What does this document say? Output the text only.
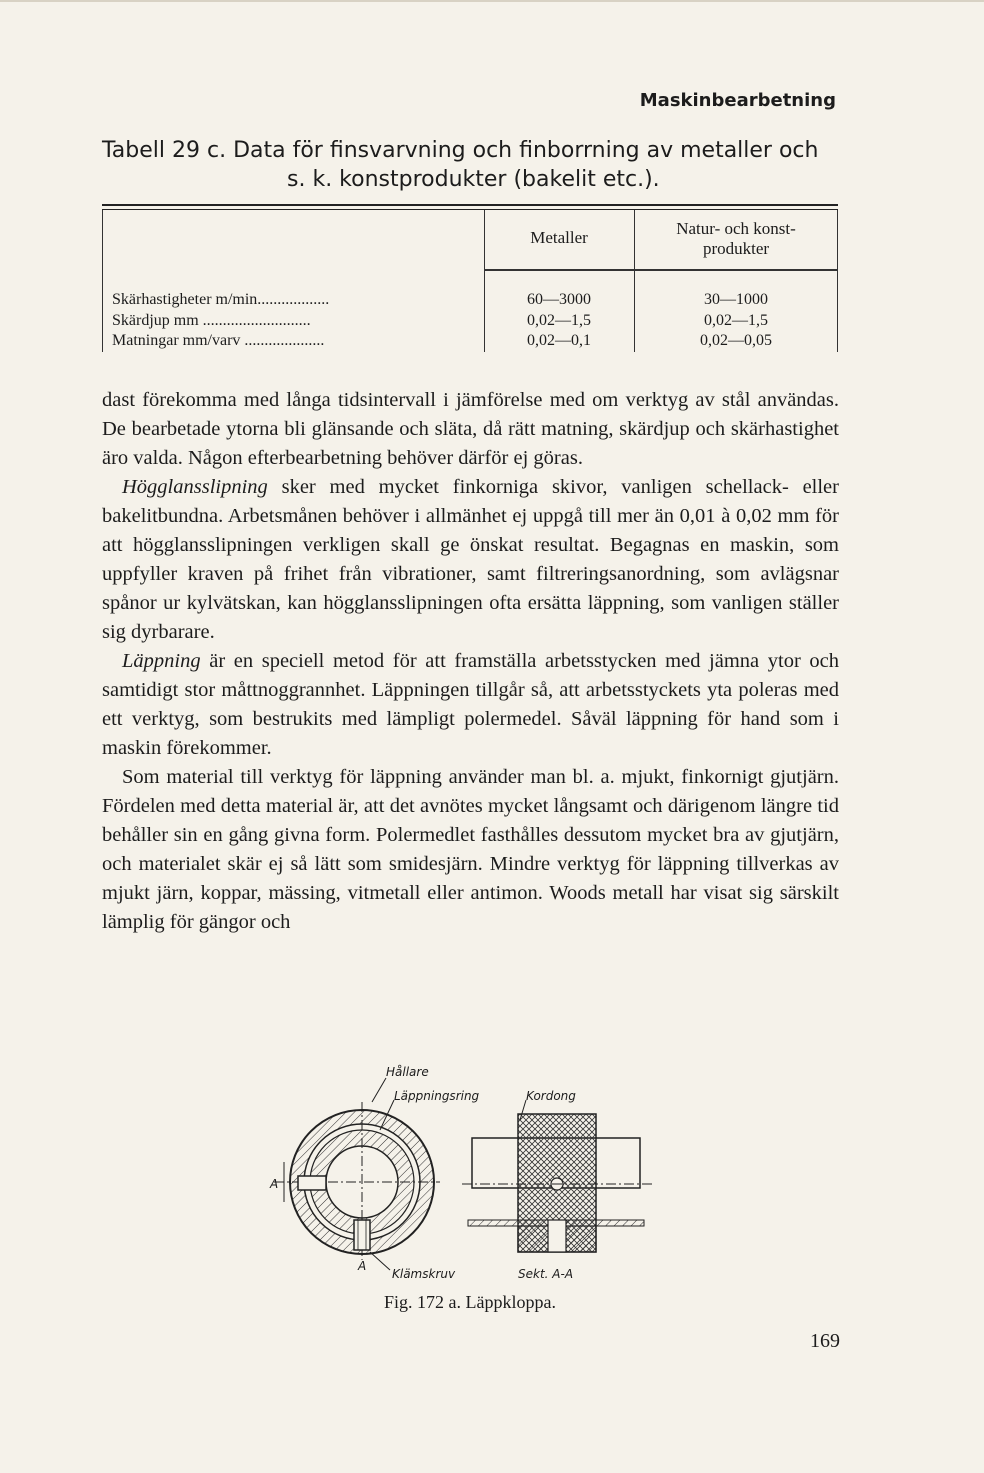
Maskinbearbetning
Tabell 29 c. Data för finsvarvning och finborrning av metaller och
s. k. konstprodukter (bakelit etc.).
Metaller	Natur- och konst-
produkter
Skärhastigheter m/min..................	60—3000	30—1000
Skärdjup mm ...........................	0,02—1,5	0,02—1,5
Matningar mm/varv ....................	0,02—0,1	0,02—0,05

dast förekomma med långa tidsintervall i jämförelse med om verktyg av stål användas. De bearbetade ytorna bli glänsande och släta, då rätt matning, skärdjup och skärhastighet äro valda. Någon efterbearbetning behöver därför ej göras.

Högglansslipning sker med mycket finkorniga skivor, vanligen schellack- eller bakelitbundna. Arbetsmånen behöver i allmänhet ej uppgå till mer än 0,01 à 0,02 mm för att högglansslipningen verkligen skall ge önskat resultat. Begagnas en maskin, som uppfyller kraven på frihet från vibrationer, samt filtreringsanordning, som avlägsnar spånor ur kylvätskan, kan högglansslipningen ofta ersätta läppning, som vanligen ställer sig dyrbarare.

Läppning är en speciell metod för att framställa arbetsstycken med jämna ytor och samtidigt stor måttnoggrannhet. Läppningen tillgår så, att arbetsstyckets yta poleras med ett verktyg, som bestrukits med lämpligt polermedel. Såväl läppning för hand som i maskin förekommer.

Som material till verktyg för läppning använder man bl. a. mjukt, finkornigt gjutjärn. Fördelen med detta material är, att det avnötes mycket långsamt och därigenom längre tid behåller sin en gång givna form. Polermedlet fasthålles dessutom mycket bra av gjutjärn, och materialet skär ej så lätt som smidesjärn. Mindre verktyg för läppning tillverkas av mjukt järn, koppar, mässing, vitmetall eller antimon. Woods metall har visat sig särskilt lämplig för gängor och

Hållare
Läppningsring	Kordong
A
A
Klämskruv	Sekt. A-A
Fig. 172 a. Läppkloppa.
169
